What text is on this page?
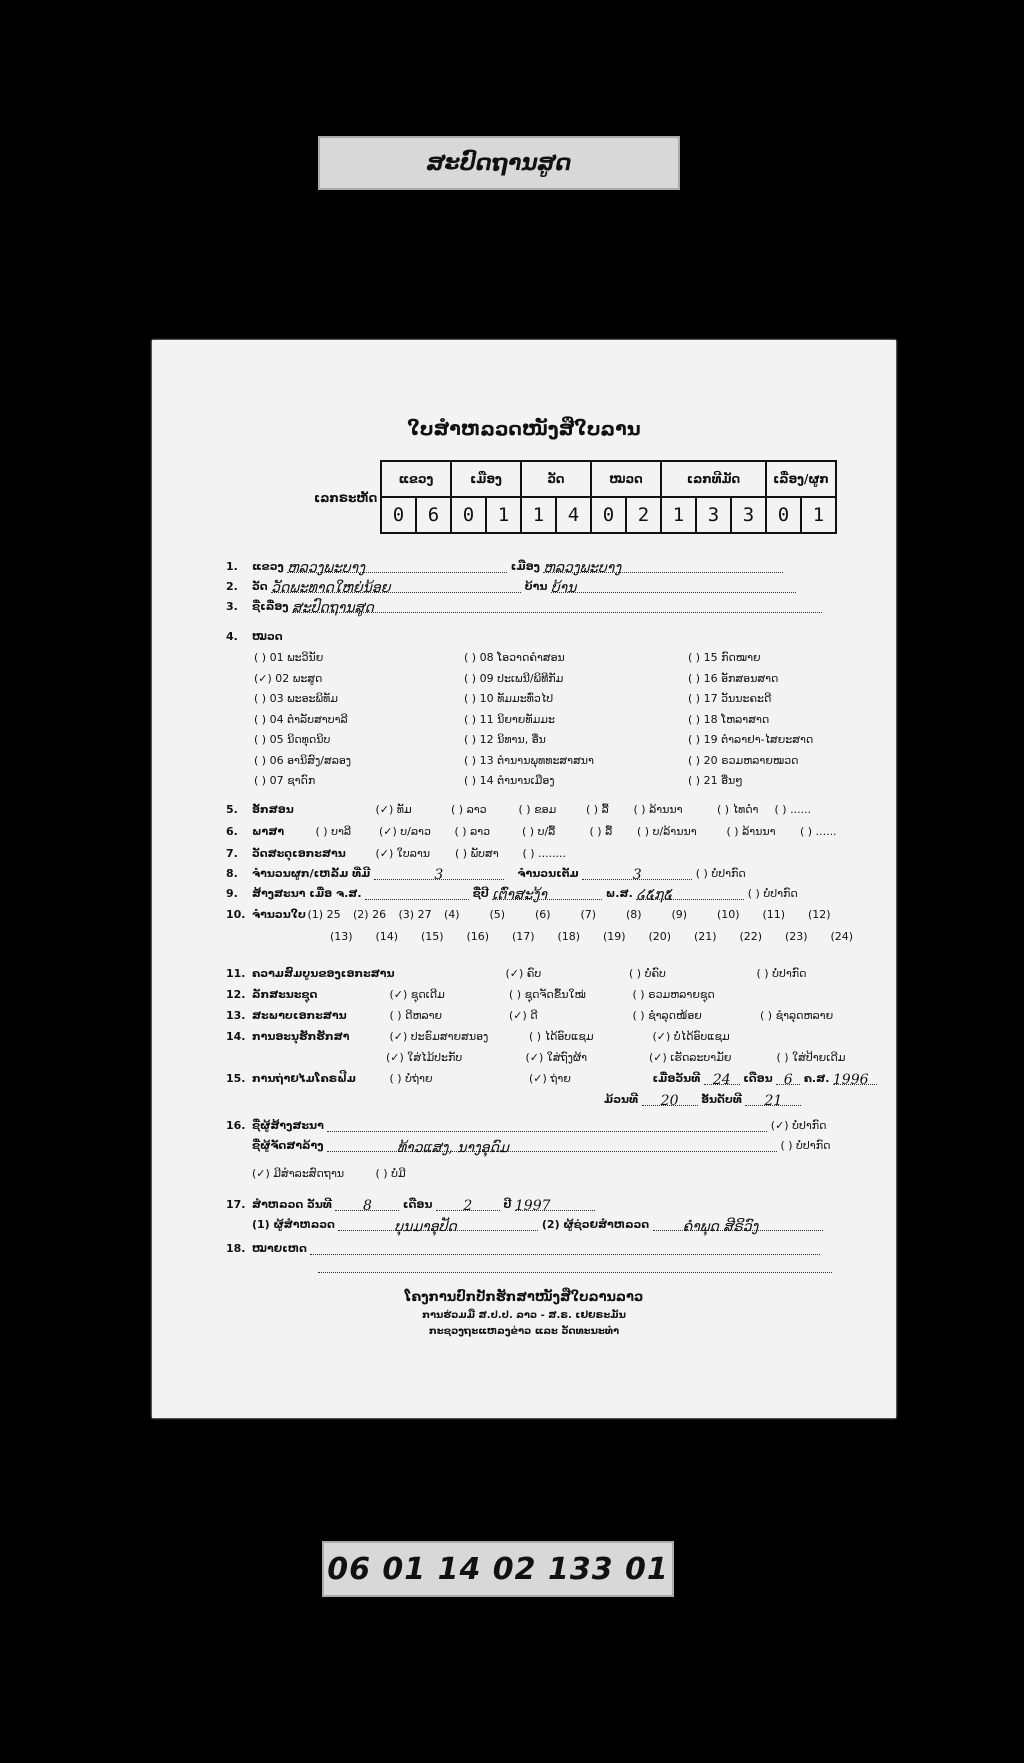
ສະປົດຖານສູດ
ໃບສຳຫລວດໜັງສືໃບລານ
ເລກຣະຫັດ
ແຂວງ		ເມືອງ		ວັດ		ໝວດ		ເລກທີມັດ			ເລື່ອງ/ຜູກ	
0	6	0	1	1	4	0	2	1	3	3	0	1
1. ແຂວງ ຫລວງພະບາງ	ເມືອງ ຫລວງພະບາງ
2. ວັດ ວັດພະທາດໃຫຍ່ນ້ອຍ	ບ້ານ ບ້ານ
3. ຊື່ເລື່ອງ ສະປົດຖານສູດ
4. ໝວດ
( ) 01 ພະວິນັຍ
(✓) 02 ພະສູດ
( ) 03 ພະອະພິທັມ
( ) 04 ຕຳລັບສາບາລີ
( ) 05 ນິດທຸດນິບ
( ) 06 ອານິສົງ/ສລອງ
( ) 07 ຊາດົກ
( ) 08 ໂອວາດຄຳສອນ
( ) 09 ປະເພນີ/ພິທີກັມ
( ) 10 ທັມມະທົ່ວໄປ
( ) 11 ນິຍາຍທັມມະ
( ) 12 ນິທານ, ອື່ນ
( ) 13 ຕຳນານພຸທທະສາສນາ
( ) 14 ຕຳນານເມືອງ
( ) 15 ກົດໝາຍ
( ) 16 ອັກສອນສາດ
( ) 17 ວັນນະຄະດີ
( ) 18 ໂຫລາສາດ
( ) 19 ຕຳລາຢາ-ໄສຍະສາດ
( ) 20 ຣວມຫລາຍໝວດ
( ) 21 ອື່ນໆ
5. ອັກສອນ	(✓) ທັມ	( ) ລາວ	( ) ຂອມ	( ) ລື້ ( ) ລ້ານນາ	( ) ໄທດຳ ( ) ......
6. ພາສາ	( ) ບາລີ	(✓) ບ/ລາວ ( ) ລາວ	( ) ບ/ລື້	( ) ລື້ ( ) ບ/ລ້ານນາ	( ) ລ້ານນາ ( ) ......
7. ວັດສະດຸເອກະສານ	(✓) ໃບລານ ( ) ພັບສາ ( ) ........
8. ຈຳນວນຜູກ/ເຫລັ້ມ ທີ່ມີ	3	ຈຳນວນເຕັມ	3	( ) ບໍ່ປາກົດ
9. ສ້າງສະນາ ເມື່ອ ຈ.ສ.	ຊື່ປີ ເຕົ່າສະງ້າ	ພ.ສ. ໒໕໗໕	( ) ບໍ່ປາກົດ
10. ຈຳນວນໃບ (1) 25 (2) 26 (3) 27 (4)	(5)	(6)	(7)	(8)	(9)	(10) (11) (12)
(13) (14) (15) (16) (17) (18) (19) (20) (21) (22) (23) (24)
11. ຄວາມສົມບູນຂອງເອກະສານ	(✓) ຄົບ	( ) ບໍ່ຄົບ	( ) ບໍ່ປາກົດ
12. ລັກສະນະຊຸດ	(✓) ຊຸດເດີມ	( ) ຊຸດຈັດຂຶ້ນໃໝ່	( ) ຣວມຫລາຍຊຸດ
13. ສະພາບເອກະສານ	( ) ດີຫລາຍ	(✓) ດີ	( ) ຊຳລຸດໜ້ອຍ	( ) ຊຳລຸດຫລາຍ
14. ການອະນຸຮັກຮັກສາ	(✓) ປະຣົມສາຍສນອງ	( ) ໄດ້ອົບແຊມ	(✓) ບໍ່ໄດ້ອົບແຊມ
(✓) ໃສ່ໄມ້ປະກັບ	(✓) ໃສ່ຖົງຜ້າ	(✓) ເຮັດລະບາມັຍ	( ) ໃສ່ປ້າຍເດີມ
15. ການຖ່າຍໄມໂຄຣຟີມ	( ) ບໍ່ຖ່າຍ	(✓) ຖ່າຍ	ເມື່ອວັນທີ 24 ເດືອນ 6 ຄ.ສ. 1996
ມ້ວນທີ 20 ອັນດັບທີ 21
16. ຊື່ຜູ້ສ້າງສະນາ	(✓) ບໍ່ປາກົດ
ຊື່ຜູ້ຈັດສາລ້າງ	ທ້າວແສງ, ນາງອຸດົມ	( ) ບໍ່ປາກົດ
(✓) ມີສຳລະສົດຖານ	( ) ບໍ່ມີ
17. ສຳຫລວດ ວັນທີ 8	ເດືອນ 2	ປີ 1997
(1) ຜູ້ສຳຫລວດ	ບຸນມາອຸປັດ	(2) ຜູ້ຊ່ວຍສຳຫລວດ ຄຳພຸດ ສີຣິວົງ
18. ໝາຍເຫດ
ໂຄງການປົກປັກຮັກສາໜັງສືໃບລານລາວ
ການຮ່ວມມື ສ.ປ.ປ. ລາວ - ສ.ຣ. ເຢຍຣະມັນ
ກະຊວງຖະແຫລງຂ່າວ ແລະ ວັດທະນະທຳ
06 01 14 02 133 01
